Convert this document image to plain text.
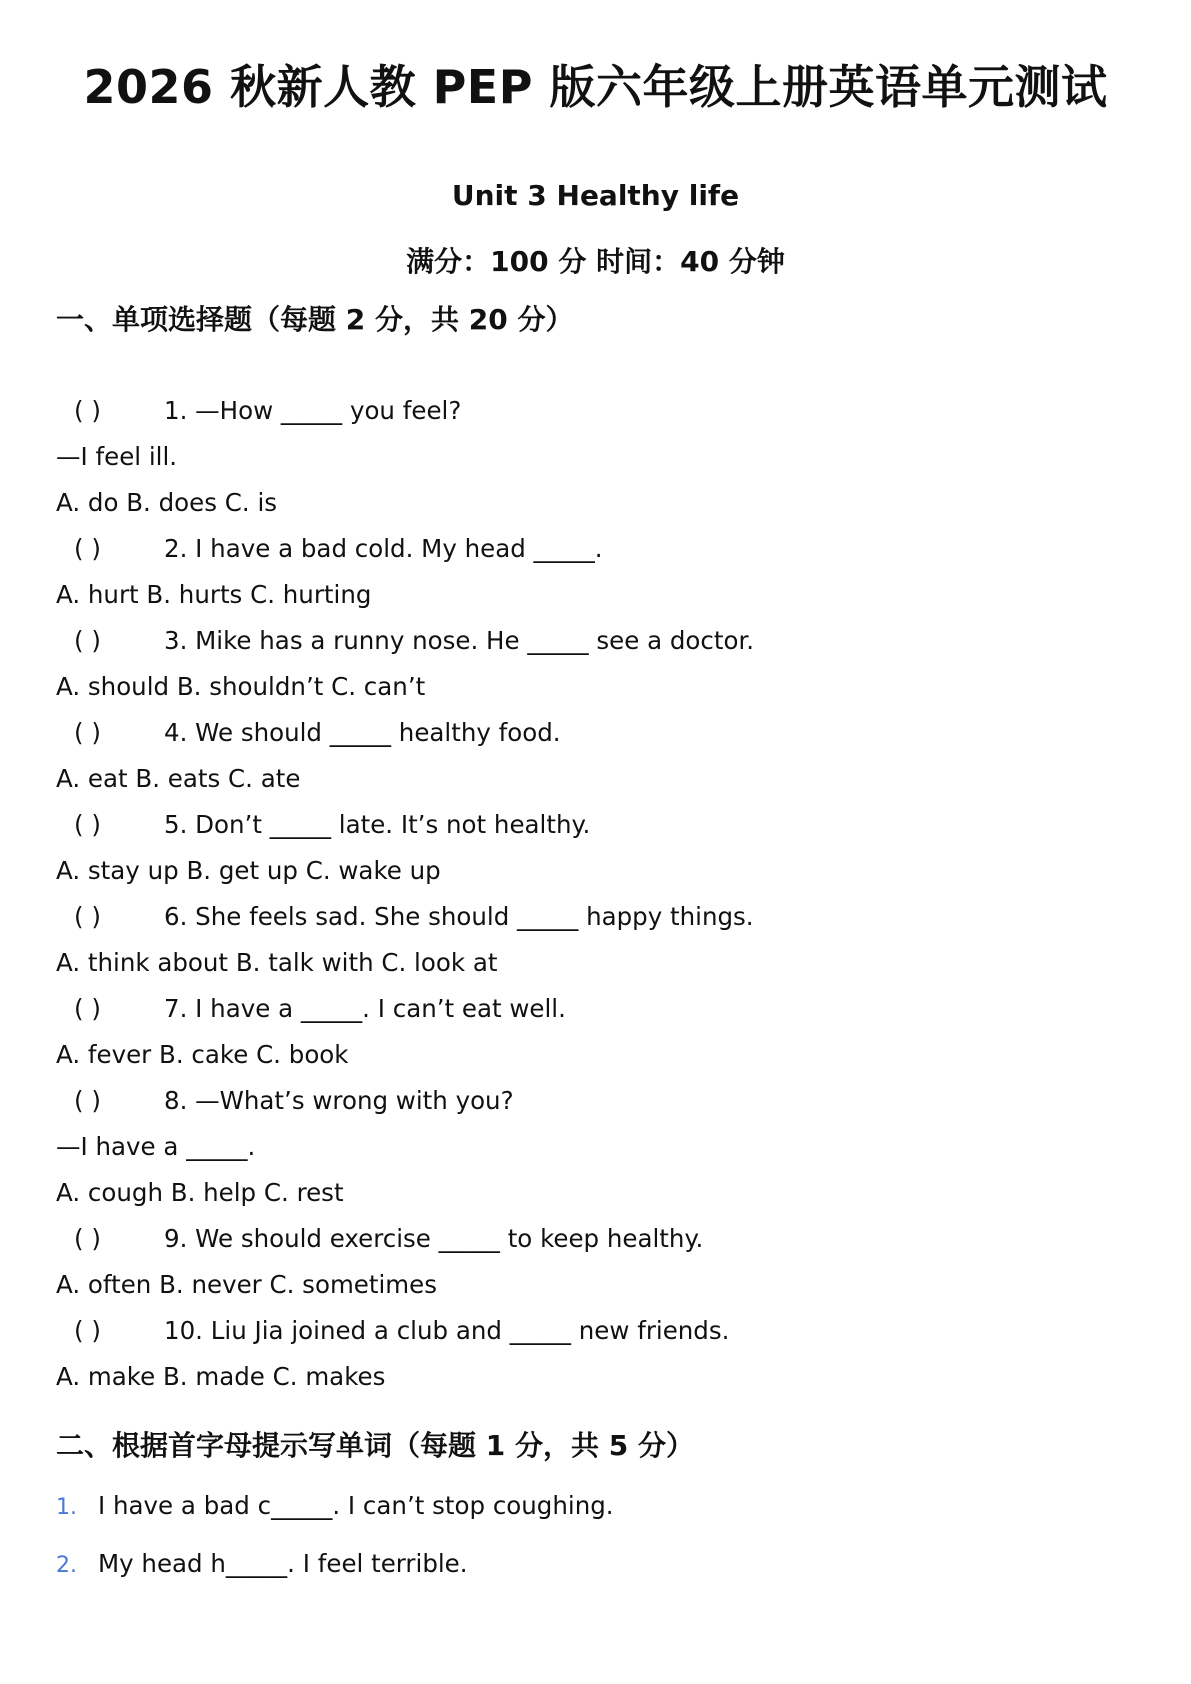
2026 秋新人教 PEP 版六年级上册英语单元测试
Unit 3 Healthy life
满分：100 分 时间：40 分钟
一、单项选择题（每题 2 分，共 20 分）
( )	1. —How _____ you feel?
—I feel ill.
A. do B. does C. is
( )	2. I have a bad cold. My head _____.
A. hurt B. hurts C. hurting
( )	3. Mike has a runny nose. He _____ see a doctor.
A. should B. shouldn’t C. can’t
( )	4. We should _____ healthy food.
A. eat B. eats C. ate
( )	5. Don’t _____ late. It’s not healthy.
A. stay up B. get up C. wake up
( )	6. She feels sad. She should _____ happy things.
A. think about B. talk with C. look at
( )	7. I have a _____. I can’t eat well.
A. fever B. cake C. book
( )	8. —What’s wrong with you?
—I have a _____.
A. cough B. help C. rest
( )	9. We should exercise _____ to keep healthy.
A. often B. never C. sometimes
( )	10. Liu Jia joined a club and _____ new friends.
A. make B. made C. makes
二、根据首字母提示写单词（每题 1 分，共 5 分）
1. I have a bad c_____. I can’t stop coughing.
2. My head h_____. I feel terrible.
